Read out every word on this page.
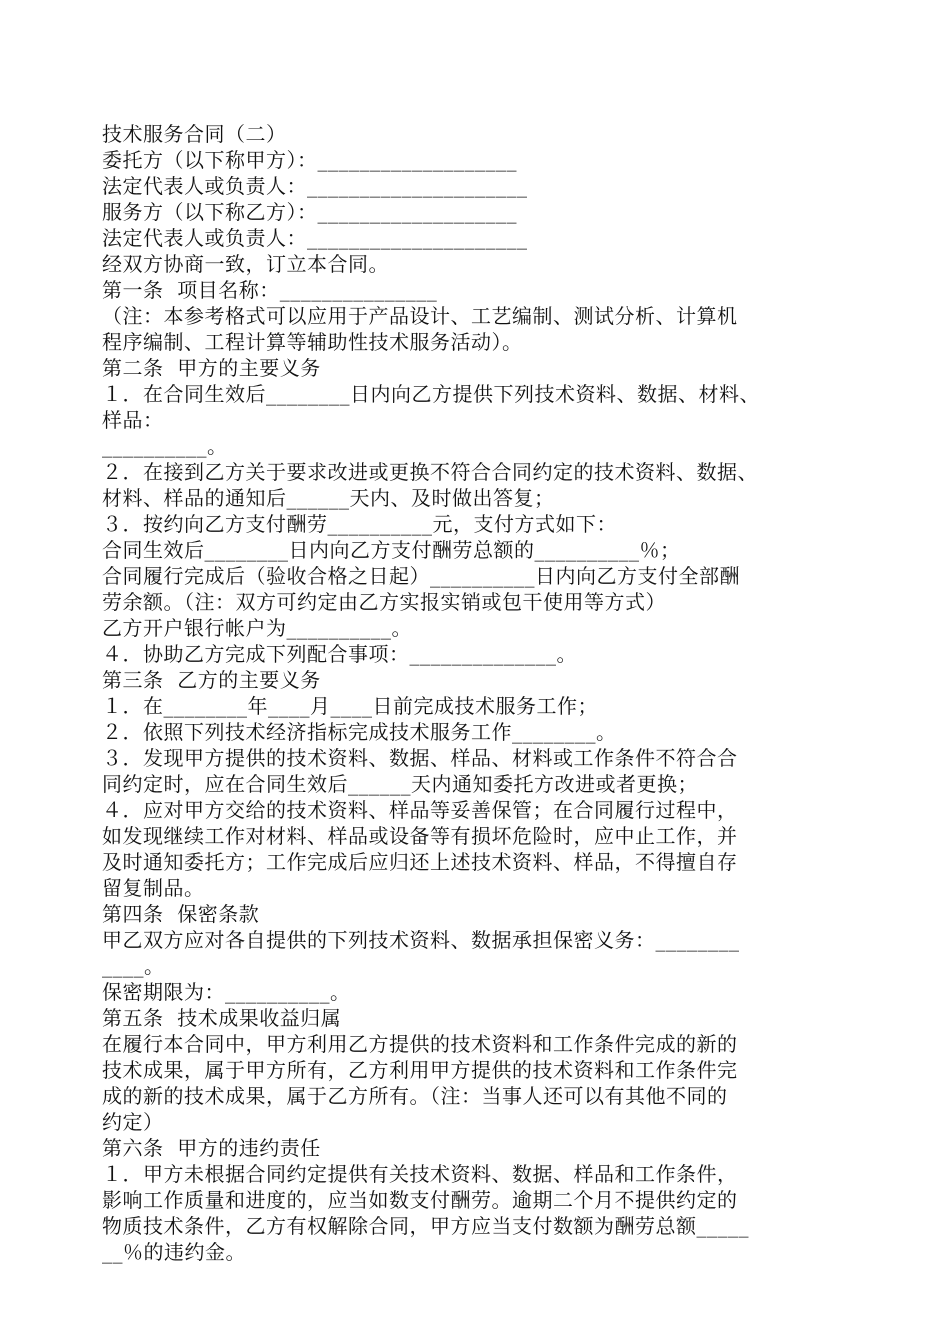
技术服务合同（二）
委托方（以下称甲方）：___________________
法定代表人或负责人：_____________________
服务方（以下称乙方）：___________________
法定代表人或负责人：_____________________
经双方协商一致，订立本合同。
第一条  项目名称：_______________
（注：本参考格式可以应用于产品设计、工艺编制、测试分析、计算机
程序编制、工程计算等辅助性技术服务活动）。
第二条  甲方的主要义务
１．在合同生效后________日内向乙方提供下列技术资料、数据、材料、
样品：
__________。
２．在接到乙方关于要求改进或更换不符合合同约定的技术资料、数据、
材料、样品的通知后______天内、及时做出答复；
３．按约向乙方支付酬劳__________元，支付方式如下：
合同生效后________日内向乙方支付酬劳总额的__________％；
合同履行完成后（验收合格之日起）__________日内向乙方支付全部酬
劳余额。（注：双方可约定由乙方实报实销或包干使用等方式）
乙方开户银行帐户为__________。
４．协助乙方完成下列配合事项：______________。
第三条  乙方的主要义务
１．在________年____月____日前完成技术服务工作；
２．依照下列技术经济指标完成技术服务工作________。
３．发现甲方提供的技术资料、数据、样品、材料或工作条件不符合合
同约定时，应在合同生效后______天内通知委托方改进或者更换；
４．应对甲方交给的技术资料、样品等妥善保管；在合同履行过程中，
如发现继续工作对材料、样品或设备等有损坏危险时，应中止工作，并
及时通知委托方；工作完成后应归还上述技术资料、样品，不得擅自存
留复制品。
第四条  保密条款
甲乙双方应对各自提供的下列技术资料、数据承担保密义务：________
____。
保密期限为：__________。
第五条  技术成果收益归属
在履行本合同中，甲方利用乙方提供的技术资料和工作条件完成的新的
技术成果，属于甲方所有，乙方利用甲方提供的技术资料和工作条件完
成的新的技术成果，属于乙方所有。（注：当事人还可以有其他不同的
约定）
第六条  甲方的违约责任
１．甲方未根据合同约定提供有关技术资料、数据、样品和工作条件，
影响工作质量和进度的，应当如数支付酬劳。逾期二个月不提供约定的
物质技术条件，乙方有权解除合同，甲方应当支付数额为酬劳总额_____
__％的违约金。
